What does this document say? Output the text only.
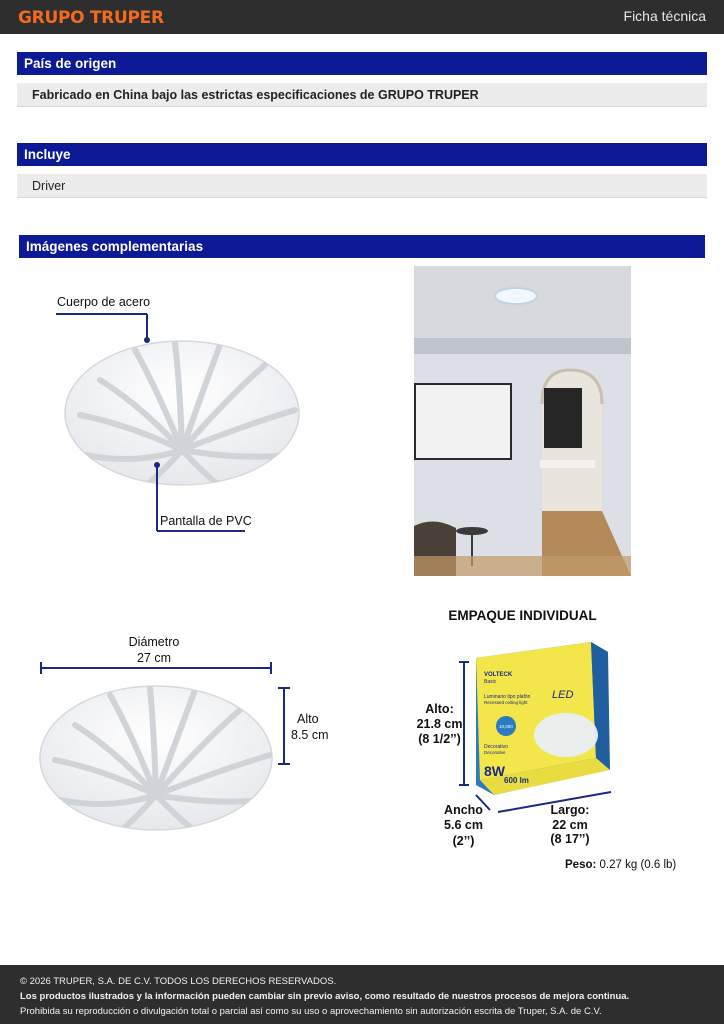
GRUPO TRUPER	Ficha técnica
País de origen
Fabricado en China bajo las estrictas especificaciones de GRUPO TRUPER
Incluye
Driver
Imágenes complementarias
Cuerpo de acero
Pantalla de PVC
Diámetro
27 cm
Alto
8.5 cm
EMPAQUE INDIVIDUAL
VOLTECK
Basic
Luminario tipo plafón
Recessed ceiling light
LED
10,000
Decorativo
Decorative
8W
600 lm
Alto:
21.8 cm
(8 1/2’’)
Ancho
5.6 cm
(2’’)
Largo:
22 cm
(8 17’’)
Peso: 0.27 kg (0.6 lb)
© 2026 TRUPER, S.A. DE C.V. TODOS LOS DERECHOS RESERVADOS.
Los productos ilustrados y la información pueden cambiar sin previo aviso, como resultado de nuestros procesos de mejora continua.
Prohibida su reproducción o divulgación total o parcial así como su uso o aprovechamiento sin autorización escrita de Truper, S.A. de C.V.
